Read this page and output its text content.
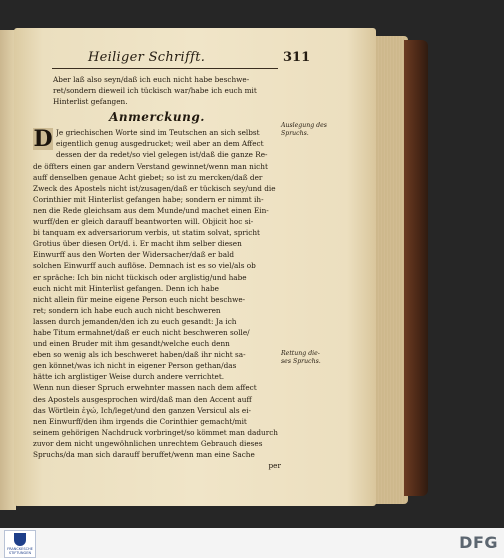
Heiliger Schrifft.	311
Aber laß also seyn/daß ich euch nicht habe beschwe-
ret/sondern dieweil ich tückisch war/habe ich euch mit
Hinterlist gefangen.
Anmerckung.
D Je griechischen Worte sind im Teutschen an sich selbst
eigentlich genug ausgedrucket; weil aber an dem Affect
dessen der da redet/so viel gelegen ist/daß die ganze Re-
de öffters einen gar andern Verstand gewinnet/wenn man nicht
auff denselben genaue Acht giebet; so ist zu mercken/daß der
Zweck des Apostels nicht ist/zusagen/daß er tückisch sey/und die
Corinthier mit Hinterlist gefangen habe; sondern er nimmt ih-
nen die Rede gleichsam aus dem Munde/und machet einen Ein-
wurff/den er gleich darauff beantworten will. Objicit hoc si-
bi tanquam ex adversariorum verbis, ut statim solvat, spricht
Grotius über diesen Ort/d. i. Er macht ihm selber diesen
Einwurff aus den Worten der Widersacher/daß er bald
solchen Einwurff auch auflöse. Demnach ist es so viel/als ob
er spräche: Ich bin nicht tückisch oder arglistig/und habe
euch nicht mit Hinterlist gefangen. Denn ich habe
nicht allein für meine eigene Person euch nicht beschwe-
ret; sondern ich habe euch auch nicht beschweren
lassen durch jemanden/den ich zu euch gesandt: Ja ich
habe Titum ermahnet/daß er euch nicht beschweren solle/
und einen Bruder mit ihm gesandt/welche euch denn
eben so wenig als ich beschweret haben/daß ihr nicht sa-
gen könnet/was ich nicht in eigener Person gethan/das
hätte ich arglistiger Weise durch andere verrichtet.
Wenn nun dieser Spruch erwehnter massen nach dem affect
des Apostels ausgesprochen wird/daß man den Accent auff
das Wörtlein ἐγώ, Ich/leget/und den ganzen Versicul als ei-
nen Einwurff/den ihm irgends die Corinthier gemacht/mit
seinem gehörigen Nachdruck vorbringet/so kömmet man dadurch
zuvor dem nicht ungewöhnlichen unrechtem Gebrauch dieses
Spruchs/da man sich darauff beruffet/wenn man eine Sache
per
Auslegung des Spruchs.
Rettung die-ses Spruchs.
FRANCKESCHE STIFTUNGEN
DFG
